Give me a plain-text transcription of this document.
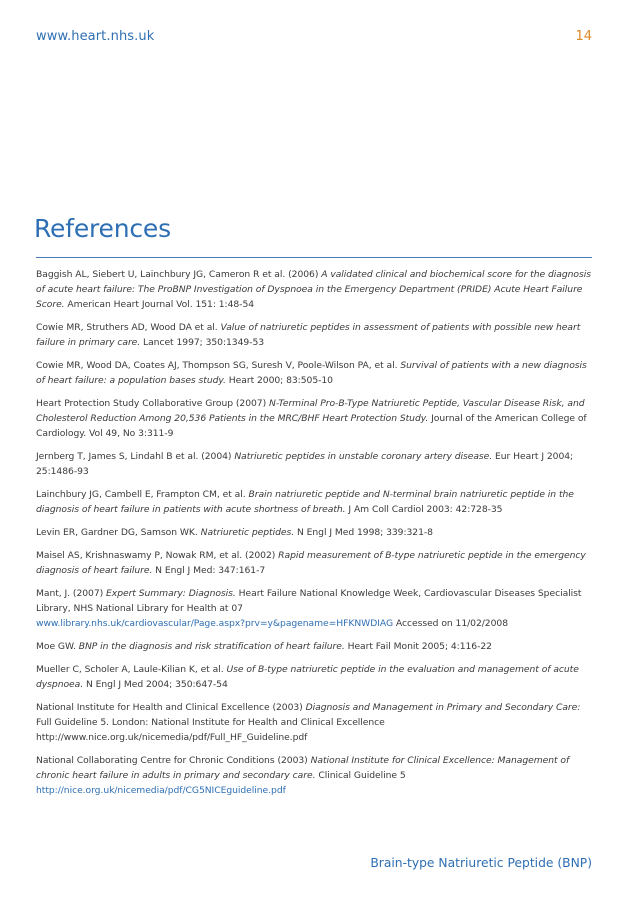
www.heart.nhs.uk	14
References

Baggish AL, Siebert U, Lainchbury JG, Cameron R et al. (2006) A validated clinical and biochemical score for the diagnosis of acute heart failure: The ProBNP Investigation of Dyspnoea in the Emergency Department (PRIDE) Acute Heart Failure Score. American Heart Journal Vol. 151: 1:48-54

Cowie MR, Struthers AD, Wood DA et al. Value of natriuretic peptides in assessment of patients with possible new heart failure in primary care. Lancet 1997; 350:1349-53

Cowie MR, Wood DA, Coates AJ, Thompson SG, Suresh V, Poole-Wilson PA, et al. Survival of patients with a new diagnosis of heart failure: a population bases study. Heart 2000; 83:505-10

Heart Protection Study Collaborative Group (2007) N-Terminal Pro-B-Type Natriuretic Peptide, Vascular Disease Risk, and Cholesterol Reduction Among 20,536 Patients in the MRC/BHF Heart Protection Study. Journal of the American College of Cardiology. Vol 49, No 3:311-9

Jernberg T, James S, Lindahl B et al. (2004) Natriuretic peptides in unstable coronary artery disease. Eur Heart J 2004; 25:1486-93

Lainchbury JG, Cambell E, Frampton CM, et al. Brain natriuretic peptide and N-terminal brain natriuretic peptide in the diagnosis of heart failure in patients with acute shortness of breath. J Am Coll Cardiol 2003: 42:728-35

Levin ER, Gardner DG, Samson WK. Natriuretic peptides. N Engl J Med 1998; 339:321-8

Maisel AS, Krishnaswamy P, Nowak RM, et al. (2002) Rapid measurement of B-type natriuretic peptide in the emergency diagnosis of heart failure. N Engl J Med: 347:161-7

Mant, J. (2007) Expert Summary: Diagnosis. Heart Failure National Knowledge Week, Cardiovascular Diseases Specialist Library, NHS National Library for Health at 07
www.library.nhs.uk/cardiovascular/Page.aspx?prv=y&pagename=HFKNWDIAG Accessed on 11/02/2008

Moe GW. BNP in the diagnosis and risk stratification of heart failure. Heart Fail Monit 2005; 4:116-22

Mueller C, Scholer A, Laule-Kilian K, et al. Use of B-type natriuretic peptide in the evaluation and management of acute dyspnoea. N Engl J Med 2004; 350:647-54

National Institute for Health and Clinical Excellence (2003) Diagnosis and Management in Primary and Secondary Care: Full Guideline 5. London: National Institute for Health and Clinical Excellence
http://www.nice.org.uk/nicemedia/pdf/Full_HF_Guideline.pdf

National Collaborating Centre for Chronic Conditions (2003) National Institute for Clinical Excellence: Management of chronic heart failure in adults in primary and secondary care. Clinical Guideline 5
http://nice.org.uk/nicemedia/pdf/CG5NICEguideline.pdf

Brain-type Natriuretic Peptide (BNP)
